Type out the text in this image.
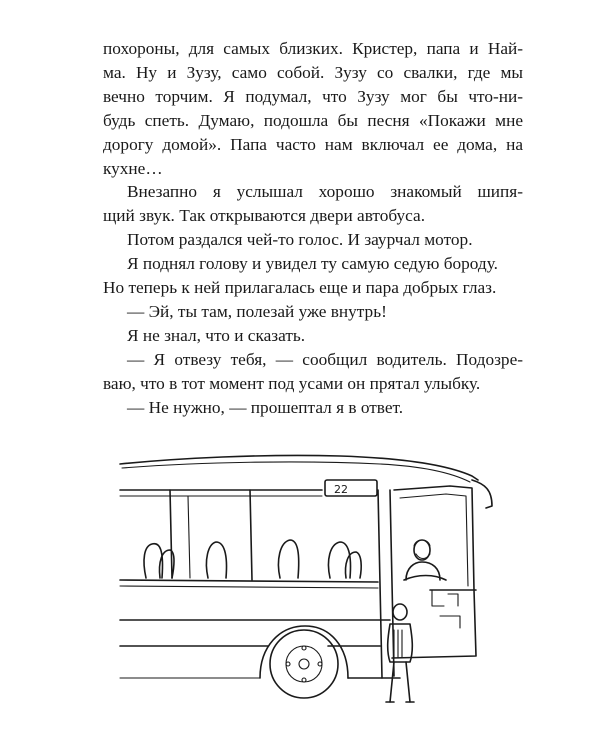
похороны, для самых близких. Кристер, папа и Най-
ма. Ну и Зузу, само собой. Зузу со свалки, где мы
вечно торчим. Я подумал, что Зузу мог бы что-ни-
будь спеть. Думаю, подошла бы песня «Покажи мне
дорогу домой». Папа часто нам включал ее дома, на
кухне…
Внезапно я услышал хорошо знакомый шипя-
щий звук. Так открываются двери автобуса.
Потом раздался чей-то голос. И заурчал мотор.
Я поднял голову и увидел ту самую седую бороду.
Но теперь к ней прилагалась еще и пара добрых глаз.
— Эй, ты там, полезай уже внутрь!
Я не знал, что и сказать.
— Я отвезу тебя, — сообщил водитель. Подозре-
ваю, что в тот момент под усами он прятал улыбку.
— Не нужно, — прошептал я в ответ.
22
